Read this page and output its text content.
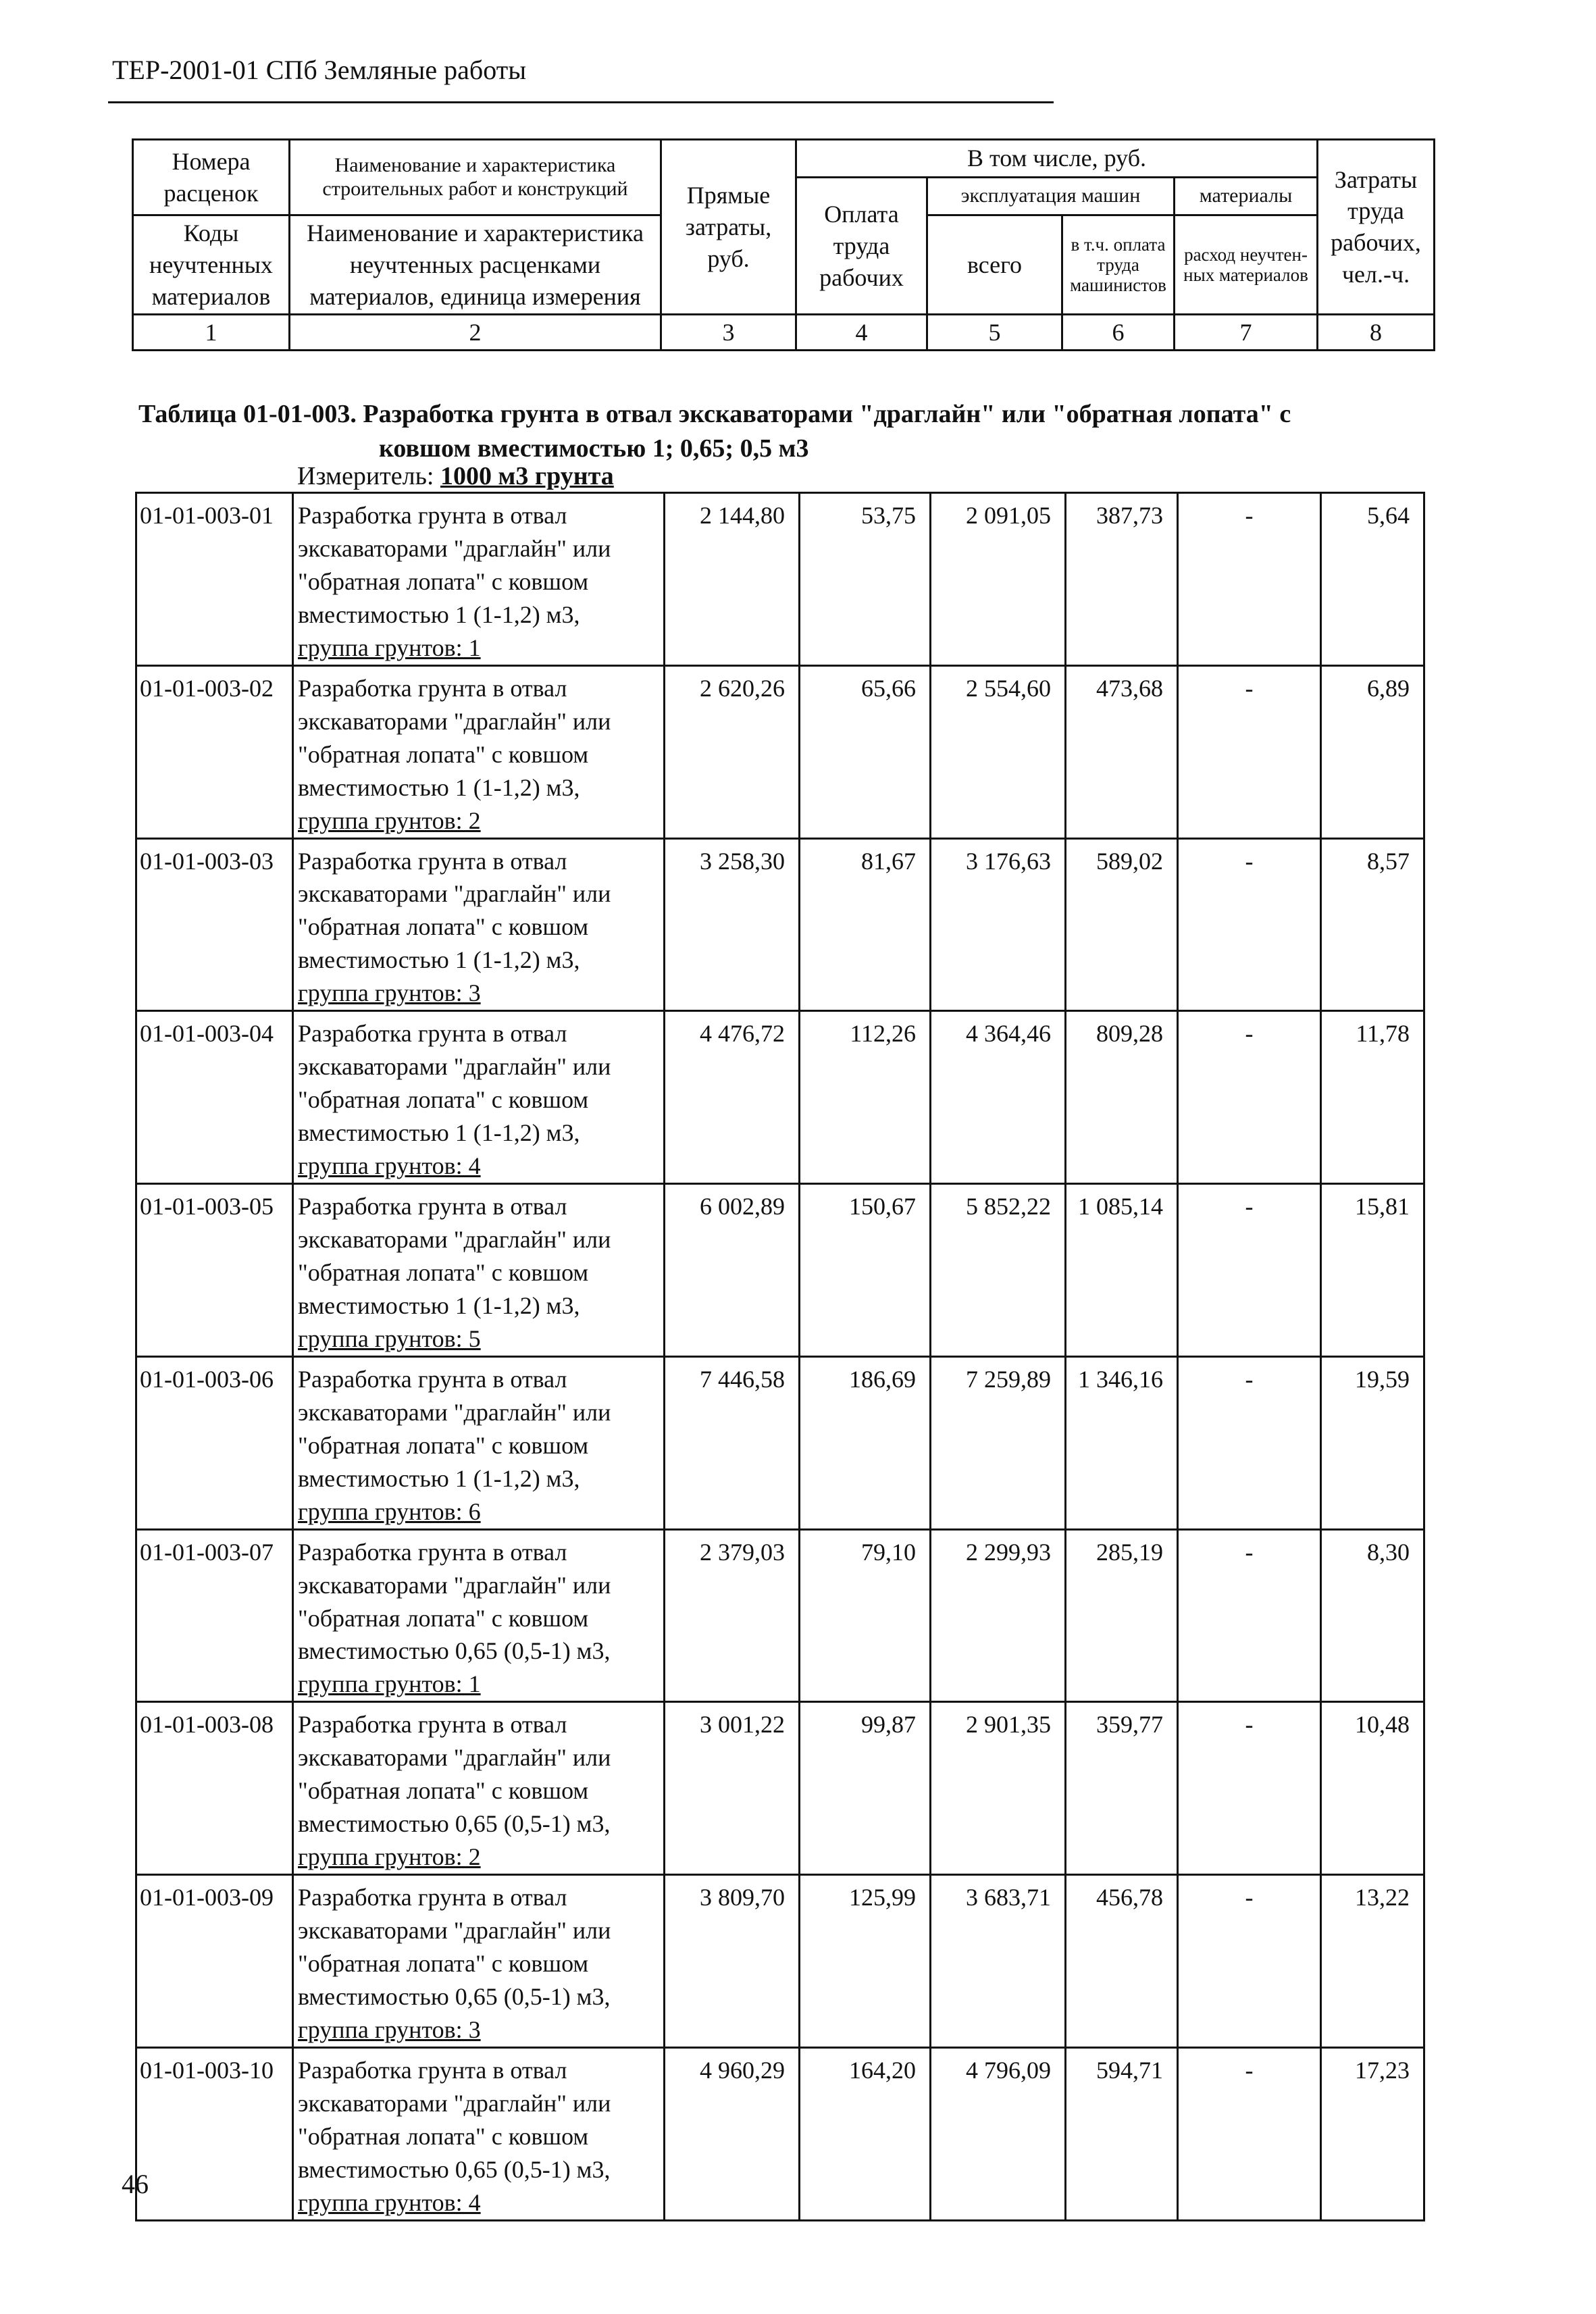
ТЕР-2001-01 СПб Земляные работы
Номера расценок	Наименование и характеристика строительных работ и конструкций	Прямые затраты, руб.	В том числе, руб.				Затраты труда рабочих, чел.-ч.
			Оплата труда рабочих	эксплуатация машин		материалы	
Коды неучтенных материалов	Наименование и характеристика неучтенных расценками материалов, единица измерения			всего	в т.ч. оплата труда машинистов	расход неучтен-ных материалов	

1	2	3	4	5	6	7	8
Таблица 01-01-003. Разработка грунта в отвал экскаваторами "драглайн" или "обратная лопата" с
ковшом вместимостью 1; 0,65; 0,5 м3
Измеритель: 1000 м3 грунта
01-01-003-01	Разработка грунта в отвал экскаваторами "драглайн" или "обратная лопата" с ковшом вместимостью 1 (1-1,2) м3,
группа грунтов: 1	2 144,80	53,75	2 091,05	387,73	-	5,64
01-01-003-02	Разработка грунта в отвал экскаваторами "драглайн" или "обратная лопата" с ковшом вместимостью 1 (1-1,2) м3,
группа грунтов: 2	2 620,26	65,66	2 554,60	473,68	-	6,89
01-01-003-03	Разработка грунта в отвал экскаваторами "драглайн" или "обратная лопата" с ковшом вместимостью 1 (1-1,2) м3,
группа грунтов: 3	3 258,30	81,67	3 176,63	589,02	-	8,57
01-01-003-04	Разработка грунта в отвал экскаваторами "драглайн" или "обратная лопата" с ковшом вместимостью 1 (1-1,2) м3,
группа грунтов: 4	4 476,72	112,26	4 364,46	809,28	-	11,78
01-01-003-05	Разработка грунта в отвал экскаваторами "драглайн" или "обратная лопата" с ковшом вместимостью 1 (1-1,2) м3,
группа грунтов: 5	6 002,89	150,67	5 852,22	1 085,14	-	15,81
01-01-003-06	Разработка грунта в отвал экскаваторами "драглайн" или "обратная лопата" с ковшом вместимостью 1 (1-1,2) м3,
группа грунтов: 6	7 446,58	186,69	7 259,89	1 346,16	-	19,59
01-01-003-07	Разработка грунта в отвал экскаваторами "драглайн" или "обратная лопата" с ковшом вместимостью 0,65 (0,5-1) м3,
группа грунтов: 1	2 379,03	79,10	2 299,93	285,19	-	8,30
01-01-003-08	Разработка грунта в отвал экскаваторами "драглайн" или "обратная лопата" с ковшом вместимостью 0,65 (0,5-1) м3,
группа грунтов: 2	3 001,22	99,87	2 901,35	359,77	-	10,48
01-01-003-09	Разработка грунта в отвал экскаваторами "драглайн" или "обратная лопата" с ковшом вместимостью 0,65 (0,5-1) м3,
группа грунтов: 3	3 809,70	125,99	3 683,71	456,78	-	13,22
01-01-003-10	Разработка грунта в отвал экскаваторами "драглайн" или "обратная лопата" с ковшом вместимостью 0,65 (0,5-1) м3,
группа грунтов: 4	4 960,29	164,20	4 796,09	594,71	-	17,23
46
